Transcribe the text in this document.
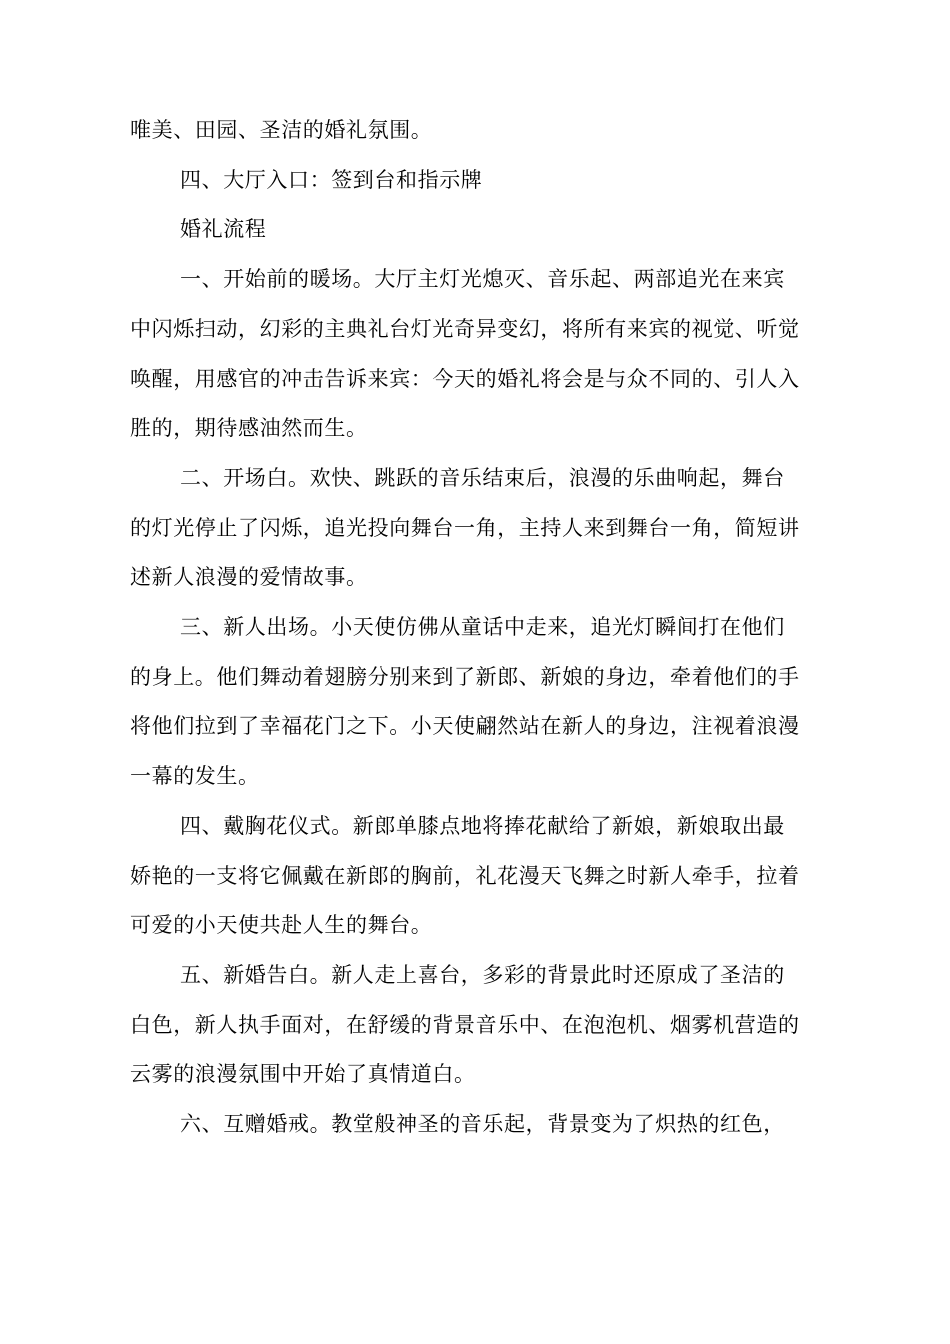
唯美、田园、圣洁的婚礼氛围。
四、大厅入口：签到台和指示牌
婚礼流程
一、开始前的暖场。大厅主灯光熄灭、音乐起、两部追光在来宾
中闪烁扫动，幻彩的主典礼台灯光奇异变幻，将所有来宾的视觉、听觉
唤醒，用感官的冲击告诉来宾：今天的婚礼将会是与众不同的、引人入
胜的，期待感油然而生。
二、开场白。欢快、跳跃的音乐结束后，浪漫的乐曲响起，舞台
的灯光停止了闪烁，追光投向舞台一角，主持人来到舞台一角，简短讲
述新人浪漫的爱情故事。
三、新人出场。小天使仿佛从童话中走来，追光灯瞬间打在他们
的身上。他们舞动着翅膀分别来到了新郎、新娘的身边，牵着他们的手
将他们拉到了幸福花门之下。小天使翩然站在新人的身边，注视着浪漫
一幕的发生。
四、戴胸花仪式。新郎单膝点地将捧花献给了新娘，新娘取出最
娇艳的一支将它佩戴在新郎的胸前，礼花漫天飞舞之时新人牵手，拉着
可爱的小天使共赴人生的舞台。
五、新婚告白。新人走上喜台，多彩的背景此时还原成了圣洁的
白色，新人执手面对，在舒缓的背景音乐中、在泡泡机、烟雾机营造的
云雾的浪漫氛围中开始了真情道白。
六、互赠婚戒。教堂般神圣的音乐起，背景变为了炽热的红色，
